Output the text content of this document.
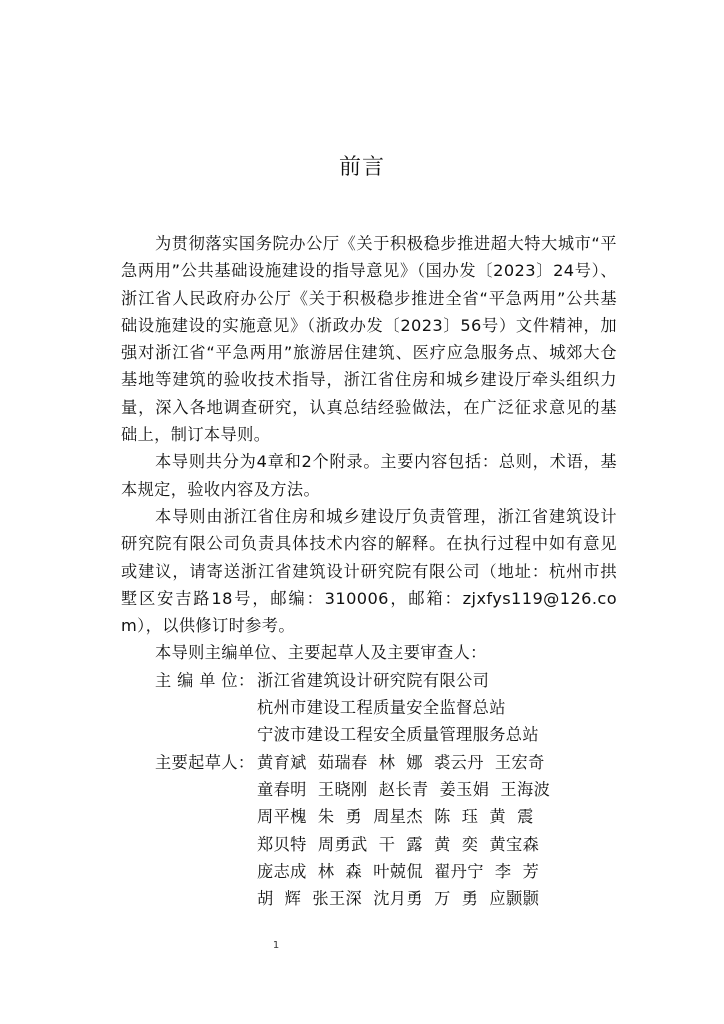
前言

为贯彻落实国务院办公厅《关于积极稳步推进超大特大城市“平急两用”公共基础设施建设的指导意见》（国办发〔2023〕24号）、浙江省人民政府办公厅《关于积极稳步推进全省“平急两用”公共基础设施建设的实施意见》（浙政办发〔2023〕56号）文件精神，加强对浙江省“平急两用”旅游居住建筑、医疗应急服务点、城郊大仓基地等建筑的验收技术指导，浙江省住房和城乡建设厅牵头组织力量，深入各地调查研究，认真总结经验做法，在广泛征求意见的基础上，制订本导则。

本导则共分为4章和2个附录。主要内容包括：总则，术语，基本规定，验收内容及方法。

本导则由浙江省住房和城乡建设厅负责管理，浙江省建筑设计研究院有限公司负责具体技术内容的解释。在执行过程中如有意见或建议，请寄送浙江省建筑设计研究院有限公司（地址：杭州市拱墅区安吉路18号，邮编：310006，邮箱：zjxfys119@126.com），以供修订时参考。

本导则主编单位、主要起草人及主要审查人：

主 编 单 位： 浙江省建筑设计研究院有限公司
杭州市建设工程质量安全监督总站
宁波市建设工程安全质量管理服务总站
主要起草人： 黄育斌  茹瑞春  林  娜  裘云丹  王宏奇
童春明  王晓刚  赵长青  姜玉娟  王海波
周平槐  朱  勇  周星杰  陈  珏  黄  震
郑贝特  周勇武  干  露  黄  奕  黄宝森
庞志成  林  森  叶兢侃  翟丹宁  李  芳
胡  辉  张王深  沈月勇  万  勇  应颢颢
1
